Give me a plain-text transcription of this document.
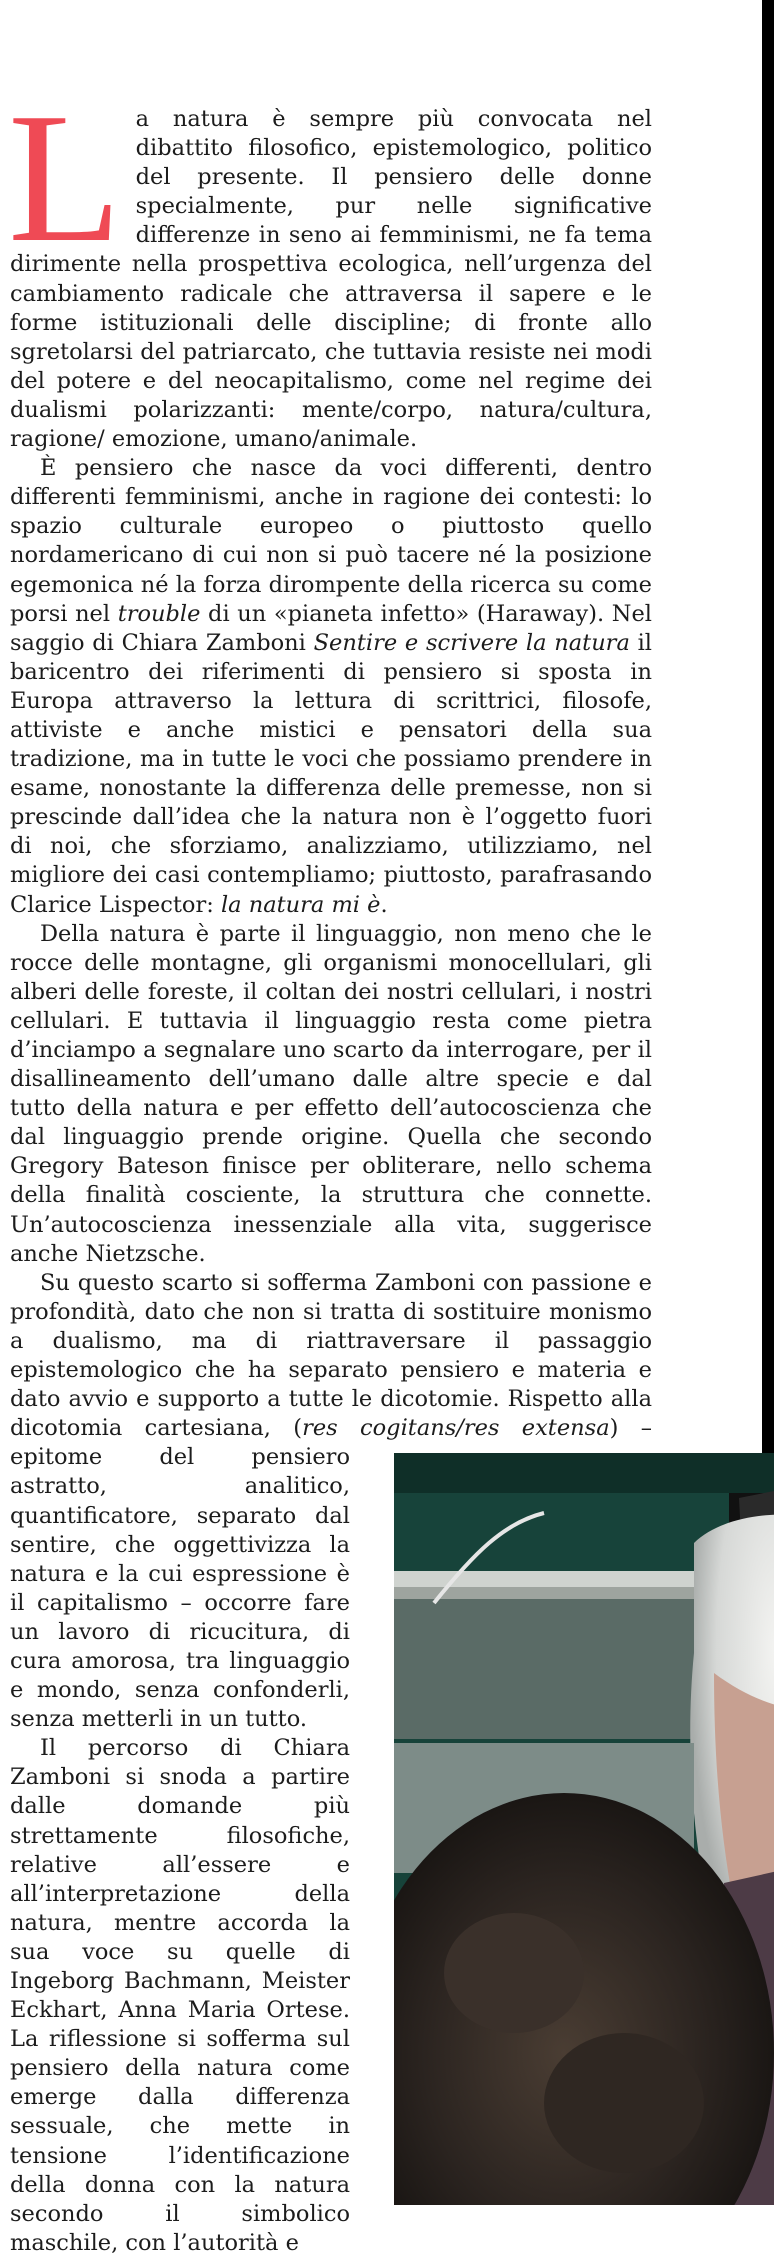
La natura è sempre più convocata nel dibattito filosofico, epistemologico, politico del presente. Il pensiero delle donne specialmente, pur nelle significative differenze in seno ai femminismi, ne fa tema dirimente nella prospettiva ecologica, nell’urgenza del cambiamento radicale che attraversa il sapere e le forme istituzionali delle discipline; di fronte allo sgretolarsi del patriarcato, che tuttavia resiste nei modi del potere e del neocapitalismo, come nel regime dei dualismi polarizzanti: mente/corpo, natura/cultura, ragione/ emozione, umano/animale.

È pensiero che nasce da voci differenti, dentro differenti femminismi, anche in ragione dei contesti: lo spazio culturale europeo o piuttosto quello nordamericano di cui non si può tacere né la posizione egemonica né la forza dirompente della ricerca su come porsi nel trouble di un «pianeta infetto» (Haraway). Nel saggio di Chiara Zamboni Sentire e scrivere la natura il baricentro dei riferimenti di pensiero si sposta in Europa attraverso la lettura di scrittrici, filosofe, attiviste e anche mistici e pensatori della sua tradizione, ma in tutte le voci che possiamo prendere in esame, nonostante la differenza delle premesse, non si prescinde dall’idea che la natura non è l’oggetto fuori di noi, che sforziamo, analizziamo, utilizziamo, nel migliore dei casi contempliamo; piuttosto, parafrasando Clarice Lispector: la natura mi è.

Della natura è parte il linguaggio, non meno che le rocce delle montagne, gli organismi monocellulari, gli alberi delle foreste, il coltan dei nostri cellulari, i nostri cellulari. E tuttavia il linguaggio resta come pietra d’inciampo a segnalare uno scarto da interrogare, per il disallineamento dell’umano dalle altre specie e dal tutto della natura e per effetto dell’autocoscienza che dal linguaggio prende origine. Quella che secondo Gregory Bateson finisce per obliterare, nello schema della finalità cosciente, la struttura che connette. Un’autocoscienza inessenziale alla vita, suggerisce anche Nietzsche.

Su questo scarto si sofferma Zamboni con passione e profondità, dato che non si tratta di sostituire monismo a dualismo, ma di riattraversare il passaggio epistemologico che ha separato pensiero e materia e dato avvio e supporto a tutte le dicotomie. Rispetto alla dicotomia cartesiana, (res cogitans/res extensa
) – epitome del pensiero astratto, analitico, quantificatore, separato dal sentire, che oggettivizza la natura e la cui espressione è il capitalismo – occorre fare un lavoro di ricucitura, di cura amorosa, tra linguaggio e mondo, senza confonderli, senza metterli in un tutto.

Il percorso di Chiara Zamboni si snoda a partire dalle domande più strettamente filosofiche, relative all’essere e all’interpretazione della natura, mentre accorda la sua voce su quelle di Ingeborg Bachmann, Meister Eckhart, Anna Maria Ortese. La riflessione si sofferma sul pensiero della natura come emerge dalla differenza sessuale, che mette in tensione l’identificazione della donna con la natura secondo il simbolico maschile, con l’autorità e
